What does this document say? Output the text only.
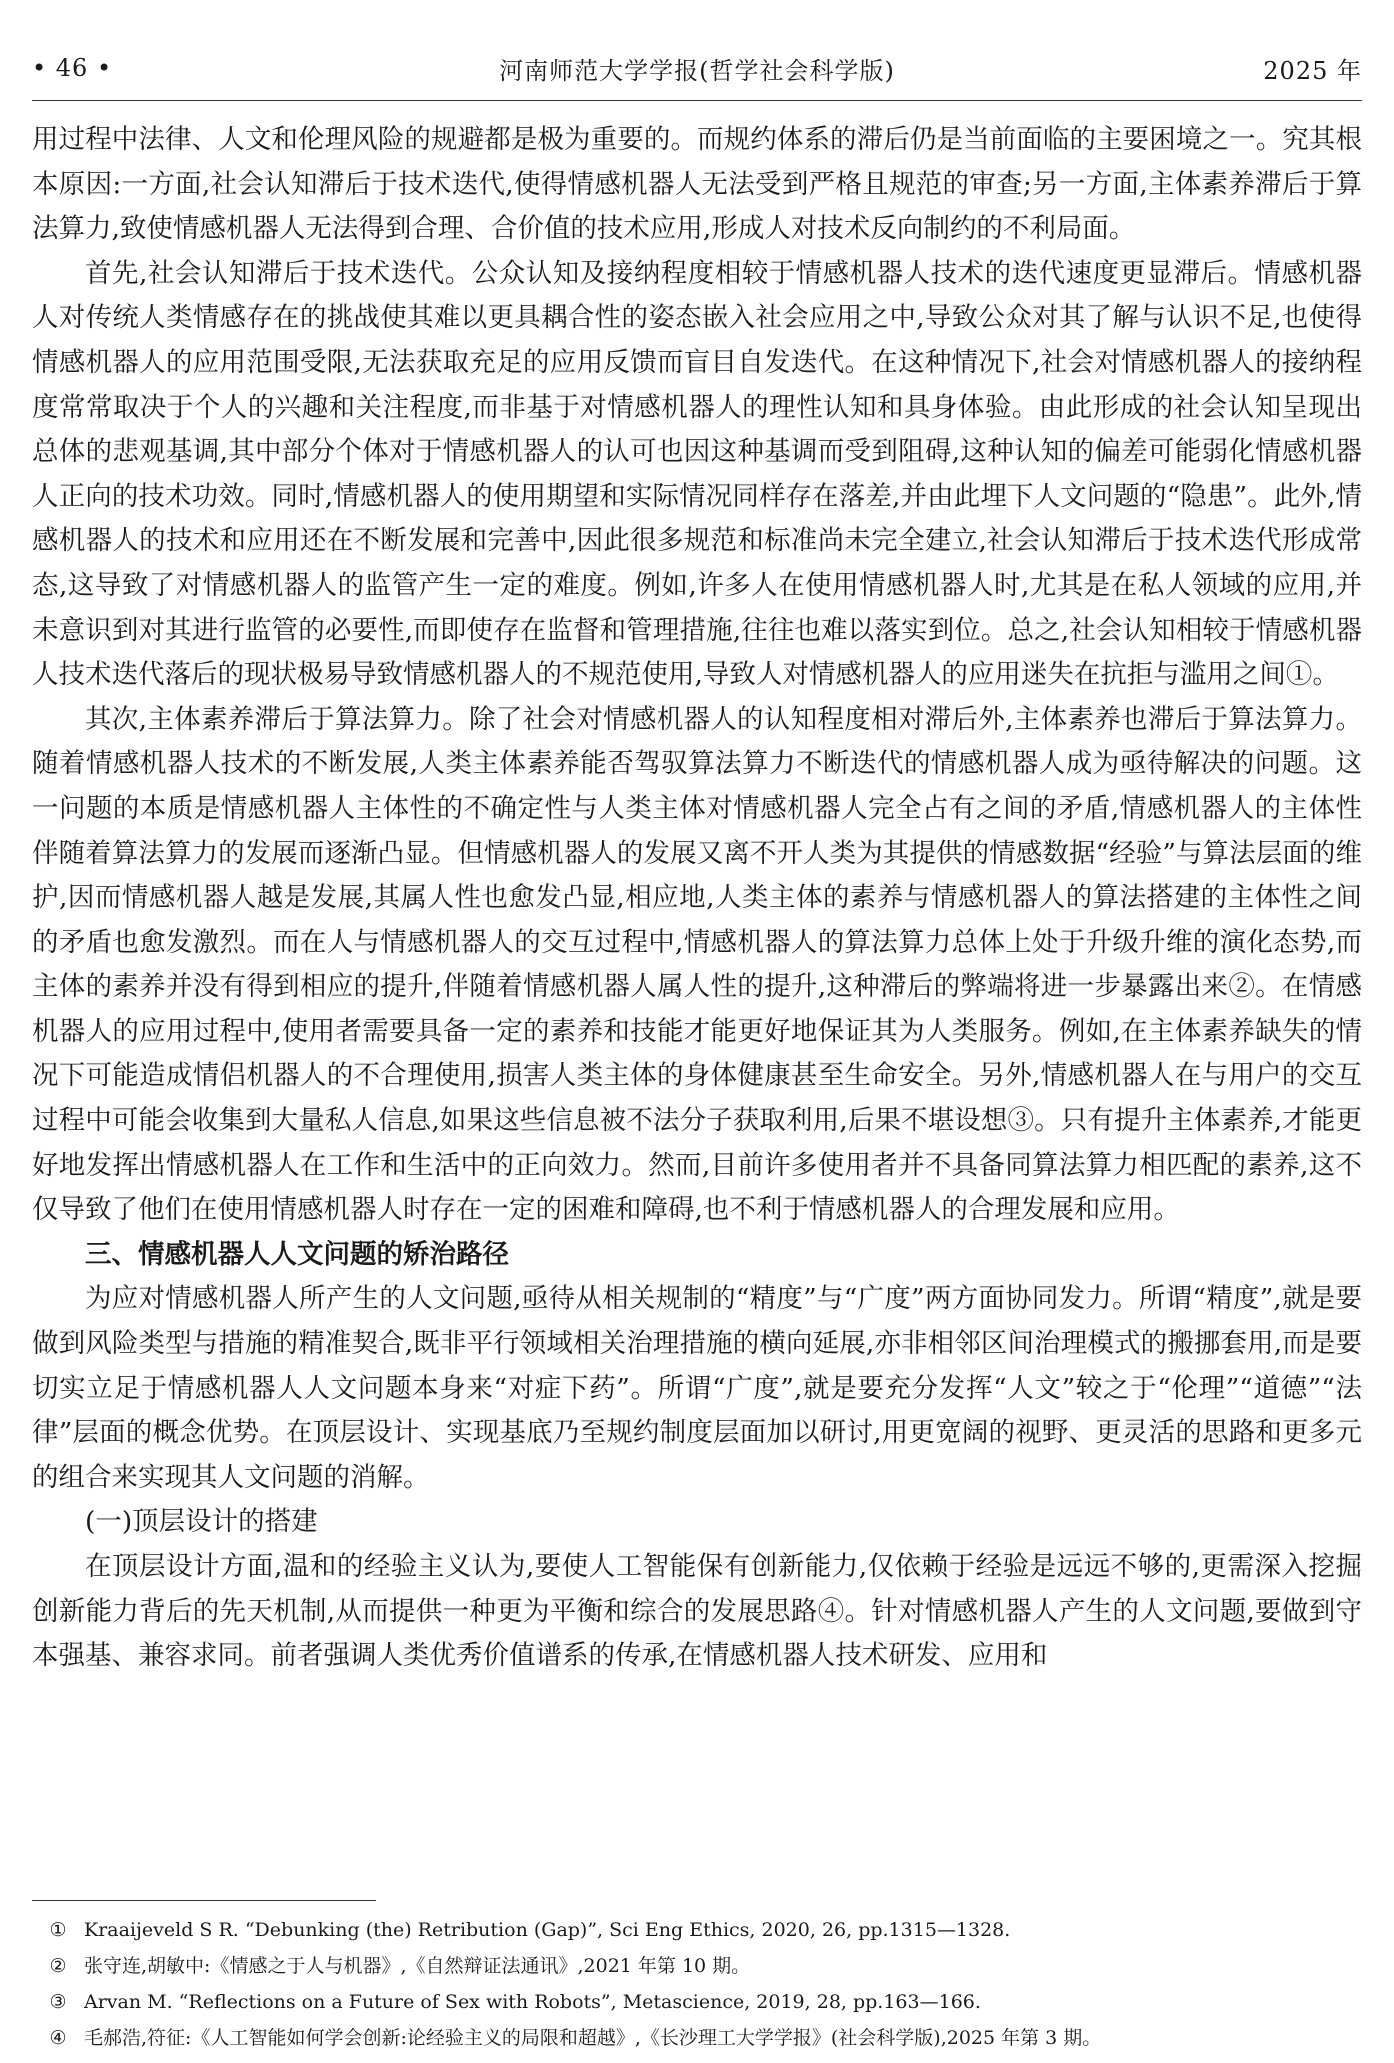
• 46 •	河南师范大学学报(哲学社会科学版)	2025 年

用过程中法律、人文和伦理风险的规避都是极为重要的。而规约体系的滞后仍是当前面临的主要困境之一。究其根本原因:一方面,社会认知滞后于技术迭代,使得情感机器人无法受到严格且规范的审查;另一方面,主体素养滞后于算法算力,致使情感机器人无法得到合理、合价值的技术应用,形成人对技术反向制约的不利局面。

首先,社会认知滞后于技术迭代。公众认知及接纳程度相较于情感机器人技术的迭代速度更显滞后。情感机器人对传统人类情感存在的挑战使其难以更具耦合性的姿态嵌入社会应用之中,导致公众对其了解与认识不足,也使得情感机器人的应用范围受限,无法获取充足的应用反馈而盲目自发迭代。在这种情况下,社会对情感机器人的接纳程度常常取决于个人的兴趣和关注程度,而非基于对情感机器人的理性认知和具身体验。由此形成的社会认知呈现出总体的悲观基调,其中部分个体对于情感机器人的认可也因这种基调而受到阻碍,这种认知的偏差可能弱化情感机器人正向的技术功效。同时,情感机器人的使用期望和实际情况同样存在落差,并由此埋下人文问题的“隐患”。此外,情感机器人的技术和应用还在不断发展和完善中,因此很多规范和标准尚未完全建立,社会认知滞后于技术迭代形成常态,这导致了对情感机器人的监管产生一定的难度。例如,许多人在使用情感机器人时,尤其是在私人领域的应用,并未意识到对其进行监管的必要性,而即使存在监督和管理措施,往往也难以落实到位。总之,社会认知相较于情感机器人技术迭代落后的现状极易导致情感机器人的不规范使用,导致人对情感机器人的应用迷失在抗拒与滥用之间①。

其次,主体素养滞后于算法算力。除了社会对情感机器人的认知程度相对滞后外,主体素养也滞后于算法算力。随着情感机器人技术的不断发展,人类主体素养能否驾驭算法算力不断迭代的情感机器人成为亟待解决的问题。这一问题的本质是情感机器人主体性的不确定性与人类主体对情感机器人完全占有之间的矛盾,情感机器人的主体性伴随着算法算力的发展而逐渐凸显。但情感机器人的发展又离不开人类为其提供的情感数据“经验”与算法层面的维护,因而情感机器人越是发展,其属人性也愈发凸显,相应地,人类主体的素养与情感机器人的算法搭建的主体性之间的矛盾也愈发激烈。而在人与情感机器人的交互过程中,情感机器人的算法算力总体上处于升级升维的演化态势,而主体的素养并没有得到相应的提升,伴随着情感机器人属人性的提升,这种滞后的弊端将进一步暴露出来②。在情感机器人的应用过程中,使用者需要具备一定的素养和技能才能更好地保证其为人类服务。例如,在主体素养缺失的情况下可能造成情侣机器人的不合理使用,损害人类主体的身体健康甚至生命安全。另外,情感机器人在与用户的交互过程中可能会收集到大量私人信息,如果这些信息被不法分子获取利用,后果不堪设想③。只有提升主体素养,才能更好地发挥出情感机器人在工作和生活中的正向效力。然而,目前许多使用者并不具备同算法算力相匹配的素养,这不仅导致了他们在使用情感机器人时存在一定的困难和障碍,也不利于情感机器人的合理发展和应用。

三、情感机器人人文问题的矫治路径

为应对情感机器人所产生的人文问题,亟待从相关规制的“精度”与“广度”两方面协同发力。所谓“精度”,就是要做到风险类型与措施的精准契合,既非平行领域相关治理措施的横向延展,亦非相邻区间治理模式的搬挪套用,而是要切实立足于情感机器人人文问题本身来“对症下药”。所谓“广度”,就是要充分发挥“人文”较之于“伦理”“道德”“法律”层面的概念优势。在顶层设计、实现基底乃至规约制度层面加以研讨,用更宽阔的视野、更灵活的思路和更多元的组合来实现其人文问题的消解。

(一)顶层设计的搭建

在顶层设计方面,温和的经验主义认为,要使人工智能保有创新能力,仅依赖于经验是远远不够的,更需深入挖掘创新能力背后的先天机制,从而提供一种更为平衡和综合的发展思路④。针对情感机器人产生的人文问题,要做到守本强基、兼容求同。前者强调人类优秀价值谱系的传承,在情感机器人技术研发、应用和

① Kraaijeveld S R. “Debunking (the) Retribution (Gap)”, Sci Eng Ethics, 2020, 26, pp.1315—1328.
② 张守连,胡敏中:《情感之于人与机器》,《自然辩证法通讯》,2021 年第 10 期。
③ Arvan M. “Reflections on a Future of Sex with Robots”, Metascience, 2019, 28, pp.163—166.
④ 毛郝浩,符征:《人工智能如何学会创新:论经验主义的局限和超越》,《长沙理工大学学报》(社会科学版),2025 年第 3 期。
